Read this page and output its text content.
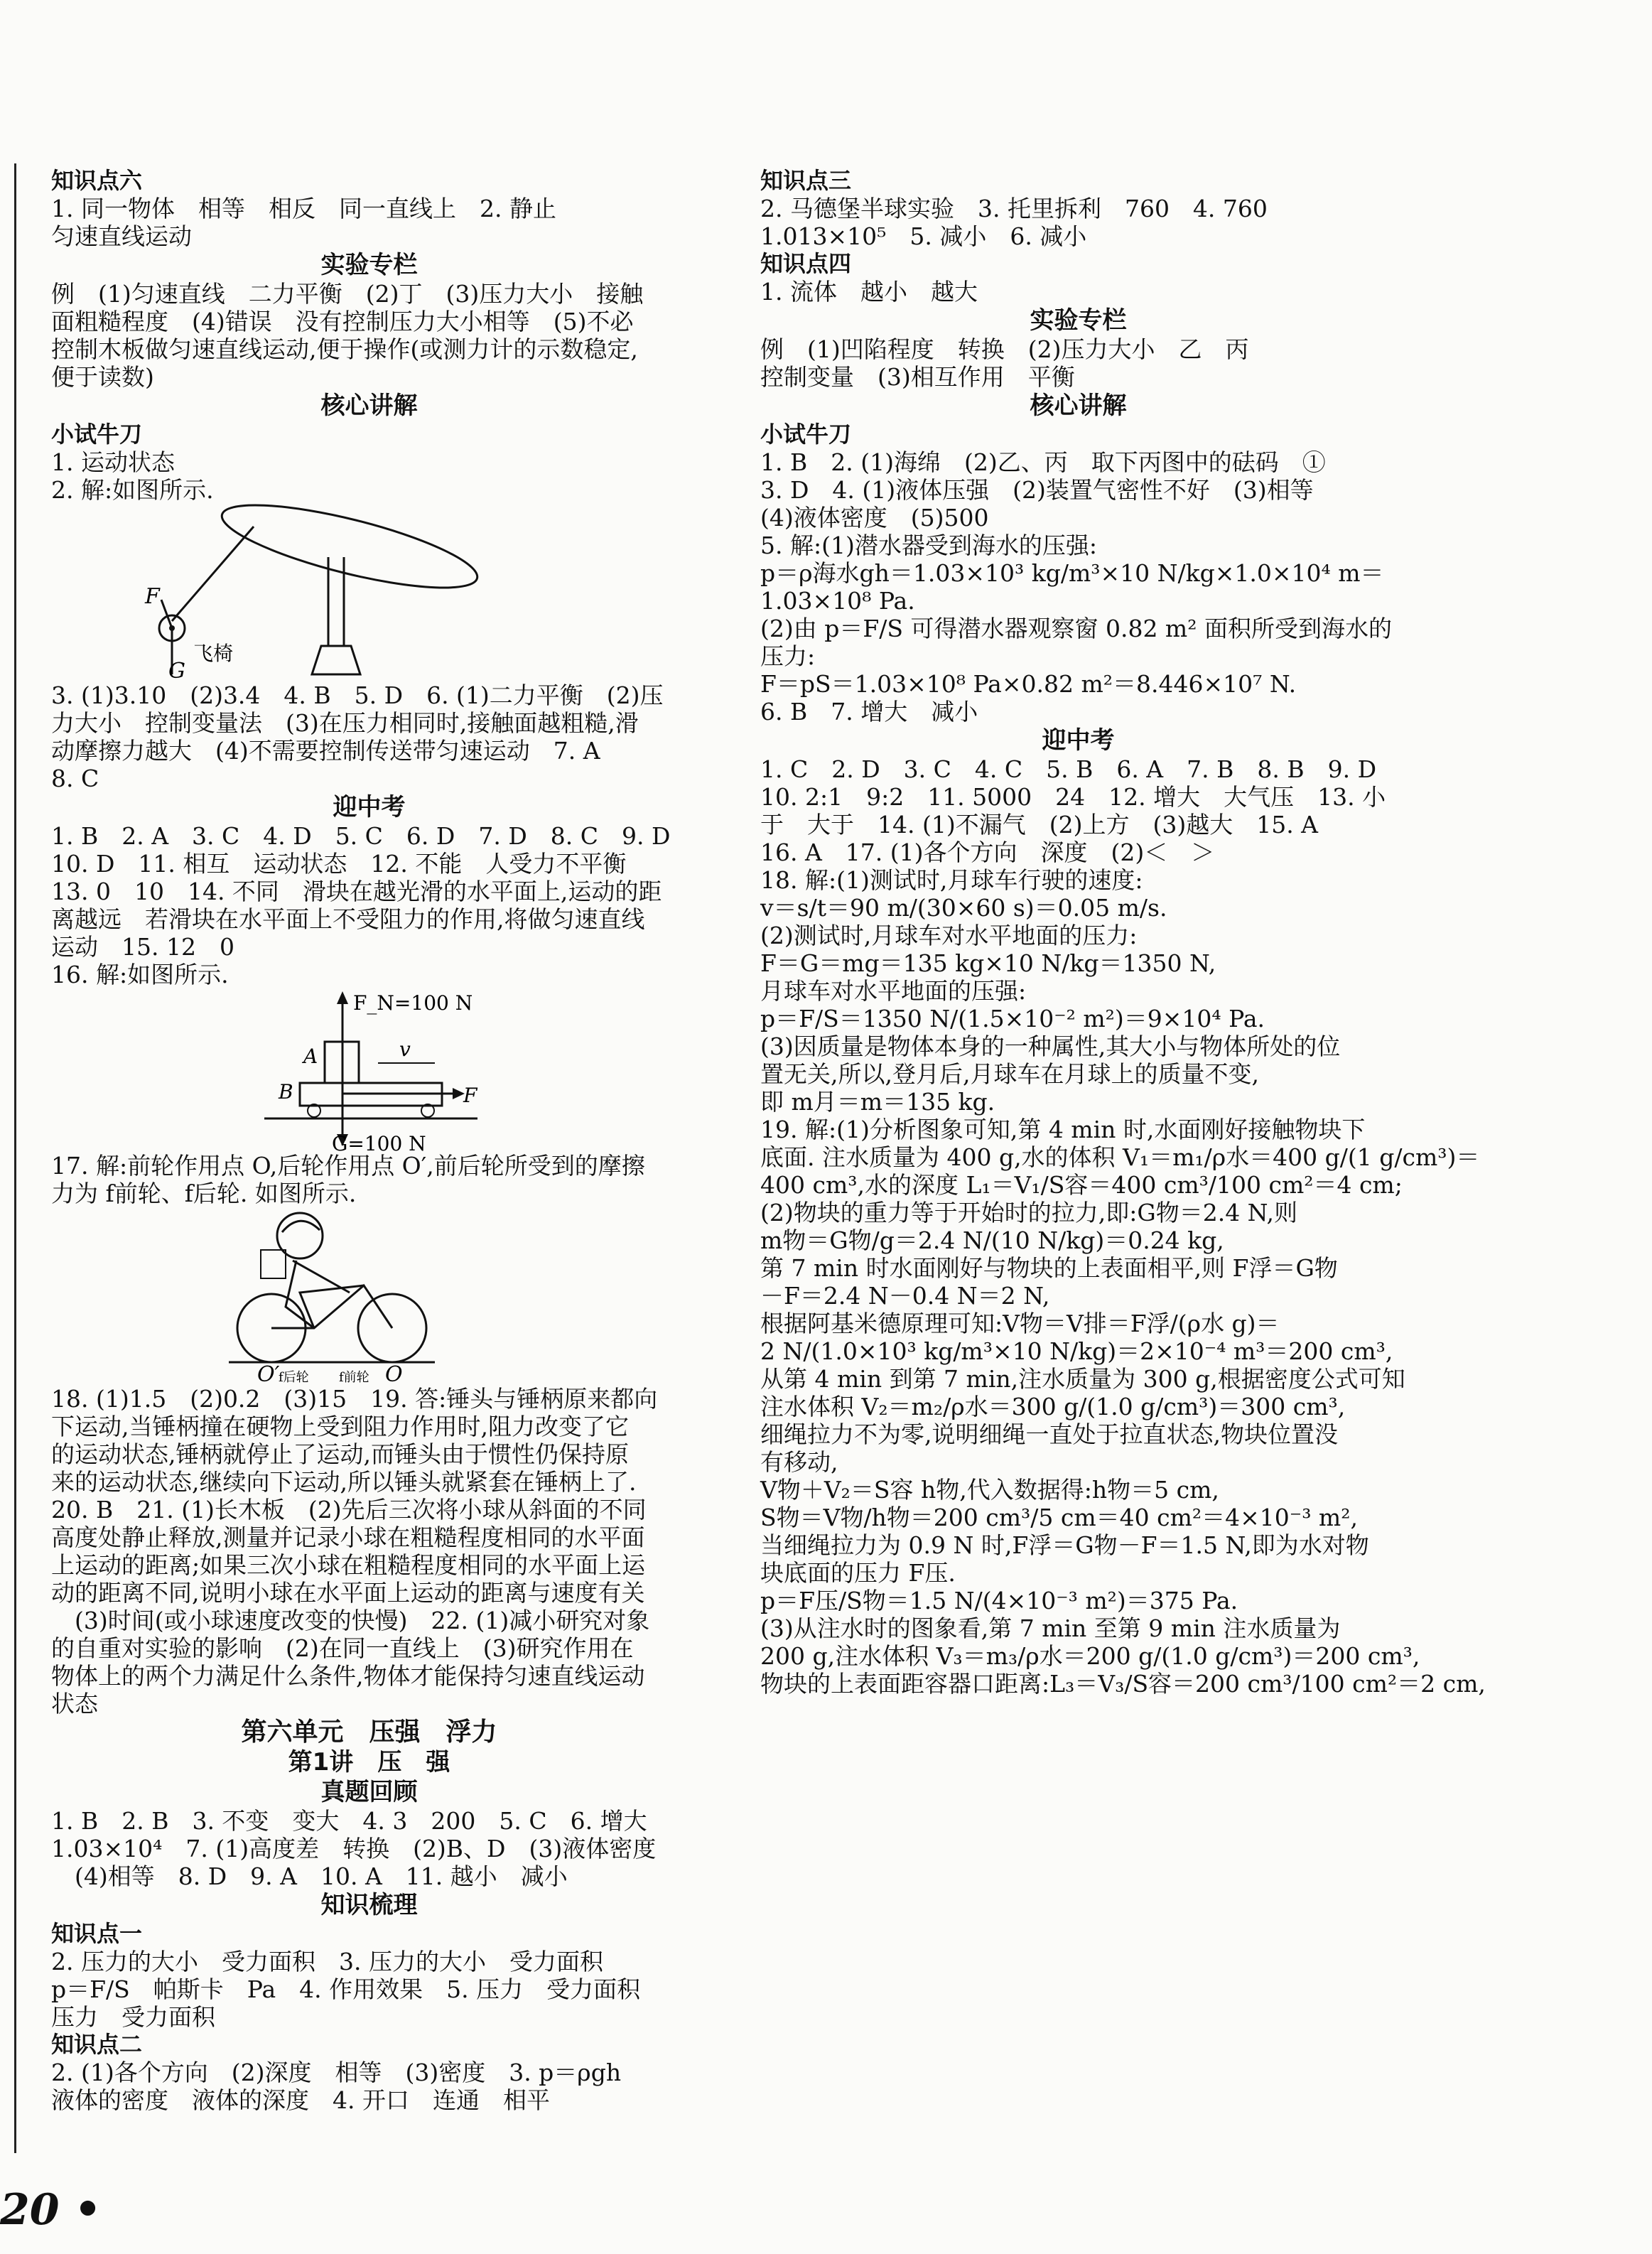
知识点六
1. 同一物体　相等　相反　同一直线上　2. 静止
匀速直线运动
实验专栏
例　(1)匀速直线　二力平衡　(2)丁　(3)压力大小　接触
面粗糙程度　(4)错误　没有控制压力大小相等　(5)不必
控制木板做匀速直线运动,便于操作(或测力计的示数稳定,
便于读数)
核心讲解
小试牛刀
1. 运动状态
2. 解:如图所示.
F
G
飞椅
3. (1)3.10　(2)3.4　4. B　5. D　6. (1)二力平衡　(2)压
力大小　控制变量法　(3)在压力相同时,接触面越粗糙,滑
动摩擦力越大　(4)不需要控制传送带匀速运动　7. A
8. C
迎中考
1. B　2. A　3. C　4. D　5. C　6. D　7. D　8. C　9. D
10. D　11. 相互　运动状态　12. 不能　人受力不平衡
13. 0　10　14. 不同　滑块在越光滑的水平面上,运动的距
离越远　若滑块在水平面上不受阻力的作用,将做匀速直线
运动　15. 12　0
16. 解:如图所示.
F_N=100 N
A
B
v
F
G=100 N
17. 解:前轮作用点 O,后轮作用点 O′,前后轮所受到的摩擦
力为 f前轮、f后轮. 如图所示.
O′
f后轮 f前轮 O
18. (1)1.5　(2)0.2　(3)15　19. 答:锤头与锤柄原来都向
下运动,当锤柄撞在硬物上受到阻力作用时,阻力改变了它
的运动状态,锤柄就停止了运动,而锤头由于惯性仍保持原
来的运动状态,继续向下运动,所以锤头就紧套在锤柄上了.
20. B　21. (1)长木板　(2)先后三次将小球从斜面的不同
高度处静止释放,测量并记录小球在粗糙程度相同的水平面
上运动的距离;如果三次小球在粗糙程度相同的水平面上运
动的距离不同,说明小球在水平面上运动的距离与速度有关
　(3)时间(或小球速度改变的快慢)　22. (1)减小研究对象
的自重对实验的影响　(2)在同一直线上　(3)研究作用在
物体上的两个力满足什么条件,物体才能保持匀速直线运动
状态
第六单元　压强　浮力
第1讲　压　强
真题回顾
1. B　2. B　3. 不变　变大　4. 3　200　5. C　6. 增大
1.03×10⁴　7. (1)高度差　转换　(2)B、D　(3)液体密度
　(4)相等　8. D　9. A　10. A　11. 越小　减小
知识梳理
知识点一
2. 压力的大小　受力面积　3. 压力的大小　受力面积
p＝F/S　帕斯卡　Pa　4. 作用效果　5. 压力　受力面积
压力　受力面积
知识点二
2. (1)各个方向　(2)深度　相等　(3)密度　3. p＝ρgh
液体的密度　液体的深度　4. 开口　连通　相平
知识点三
2. 马德堡半球实验　3. 托里拆利　760　4. 760
1.013×10⁵　5. 减小　6. 减小
知识点四
1. 流体　越小　越大
实验专栏
例　(1)凹陷程度　转换　(2)压力大小　乙　丙
控制变量　(3)相互作用　平衡
核心讲解
小试牛刀
1. B　2. (1)海绵　(2)乙、丙　取下丙图中的砝码　①
3. D　4. (1)液体压强　(2)装置气密性不好　(3)相等
(4)液体密度　(5)500
5. 解:(1)潜水器受到海水的压强:
p＝ρ海水gh＝1.03×10³ kg/m³×10 N/kg×1.0×10⁴ m＝
1.03×10⁸ Pa.
(2)由 p＝F/S 可得潜水器观察窗 0.82 m² 面积所受到海水的
压力:
F＝pS＝1.03×10⁸ Pa×0.82 m²＝8.446×10⁷ N.
6. B　7. 增大　减小
迎中考
1. C　2. D　3. C　4. C　5. B　6. A　7. B　8. B　9. D
10. 2:1　9:2　11. 5000　24　12. 增大　大气压　13. 小
于　大于　14. (1)不漏气　(2)上方　(3)越大　15. A
16. A　17. (1)各个方向　深度　(2)＜　＞
18. 解:(1)测试时,月球车行驶的速度:
v＝s/t＝90 m/(30×60 s)＝0.05 m/s.
(2)测试时,月球车对水平地面的压力:
F＝G＝mg＝135 kg×10 N/kg＝1350 N,
月球车对水平地面的压强:
p＝F/S＝1350 N/(1.5×10⁻² m²)＝9×10⁴ Pa.
(3)因质量是物体本身的一种属性,其大小与物体所处的位
置无关,所以,登月后,月球车在月球上的质量不变,
即 m月＝m＝135 kg.
19. 解:(1)分析图象可知,第 4 min 时,水面刚好接触物块下
底面. 注水质量为 400 g,水的体积 V₁＝m₁/ρ水＝400 g/(1 g/cm³)＝
400 cm³,水的深度 L₁＝V₁/S容＝400 cm³/100 cm²＝4 cm;
(2)物块的重力等于开始时的拉力,即:G物＝2.4 N,则
m物＝G物/g＝2.4 N/(10 N/kg)＝0.24 kg,
第 7 min 时水面刚好与物块的上表面相平,则 F浮＝G物
－F＝2.4 N－0.4 N＝2 N,
根据阿基米德原理可知:V物＝V排＝F浮/(ρ水 g)＝
2 N/(1.0×10³ kg/m³×10 N/kg)＝2×10⁻⁴ m³＝200 cm³,
从第 4 min 到第 7 min,注水质量为 300 g,根据密度公式可知
注水体积 V₂＝m₂/ρ水＝300 g/(1.0 g/cm³)＝300 cm³,
细绳拉力不为零,说明细绳一直处于拉直状态,物块位置没
有移动,
V物＋V₂＝S容 h物,代入数据得:h物＝5 cm,
S物＝V物/h物＝200 cm³/5 cm＝40 cm²＝4×10⁻³ m²,
当细绳拉力为 0.9 N 时,F浮＝G物－F＝1.5 N,即为水对物
块底面的压力 F压.
p＝F压/S物＝1.5 N/(4×10⁻³ m²)＝375 Pa.
(3)从注水时的图象看,第 7 min 至第 9 min 注水质量为
200 g,注水体积 V₃＝m₃/ρ水＝200 g/(1.0 g/cm³)＝200 cm³,
物块的上表面距容器口距离:L₃＝V₃/S容＝200 cm³/100 cm²＝2 cm,
20 •
